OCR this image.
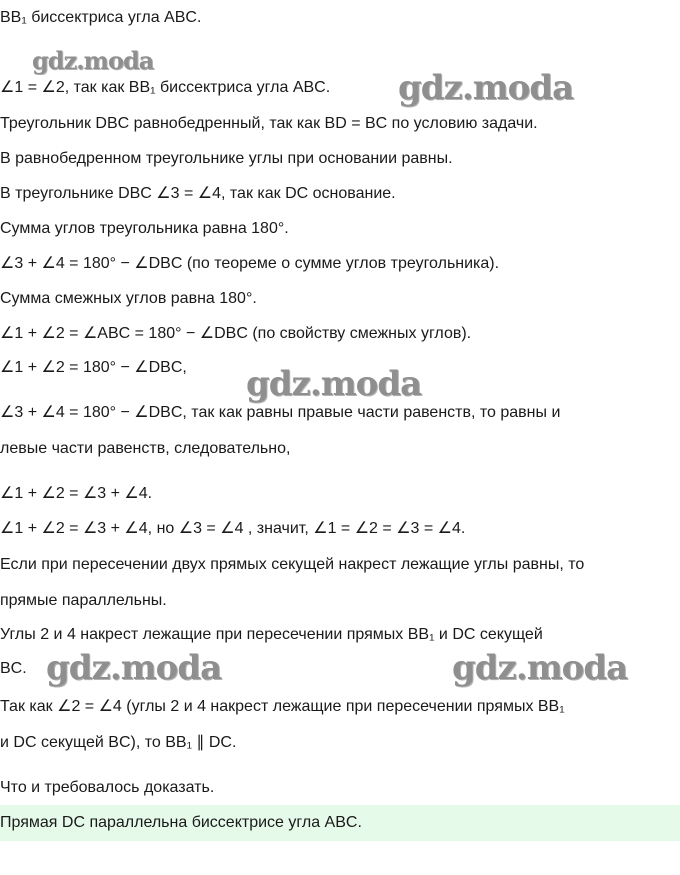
BB₁ биссектриса угла ABC.
∠1 = ∠2, так как BB₁ биссектриса угла ABC.
Треугольник DBC равнобедренный, так как BD = BC по условию задачи.
В равнобедренном треугольнике углы при основании равны.
В треугольнике DBC ∠3 = ∠4, так как DC основание.
Сумма углов треугольника равна 180°.
∠3 + ∠4 = 180° − ∠DBC (по теореме о сумме углов треугольника).
Сумма смежных углов равна 180°.
∠1 + ∠2 = ∠ABC = 180° − ∠DBC (по свойству смежных углов).
∠1 + ∠2 = 180° − ∠DBC,
∠3 + ∠4 = 180° − ∠DBC, так как равны правые части равенств, то равны и
левые части равенств, следовательно,
∠1 + ∠2 = ∠3 + ∠4.
∠1 + ∠2 = ∠3 + ∠4, но ∠3 = ∠4 , значит, ∠1 = ∠2 = ∠3 = ∠4.
Если при пересечении двух прямых секущей накрест лежащие углы равны, то
прямые параллельны.
Углы 2 и 4 накрест лежащие при пересечении прямых BB₁ и DC секущей
BC.
Так как ∠2 = ∠4 (углы 2 и 4 накрест лежащие при пересечении прямых BB₁
и DC секущей BC), то BB₁ ∥ DC.
Что и требовалось доказать.
Прямая DC параллельна биссектрисе угла ABC.
gdz.moda
gdz.moda
gdz.moda
gdz.moda	gdz.moda
